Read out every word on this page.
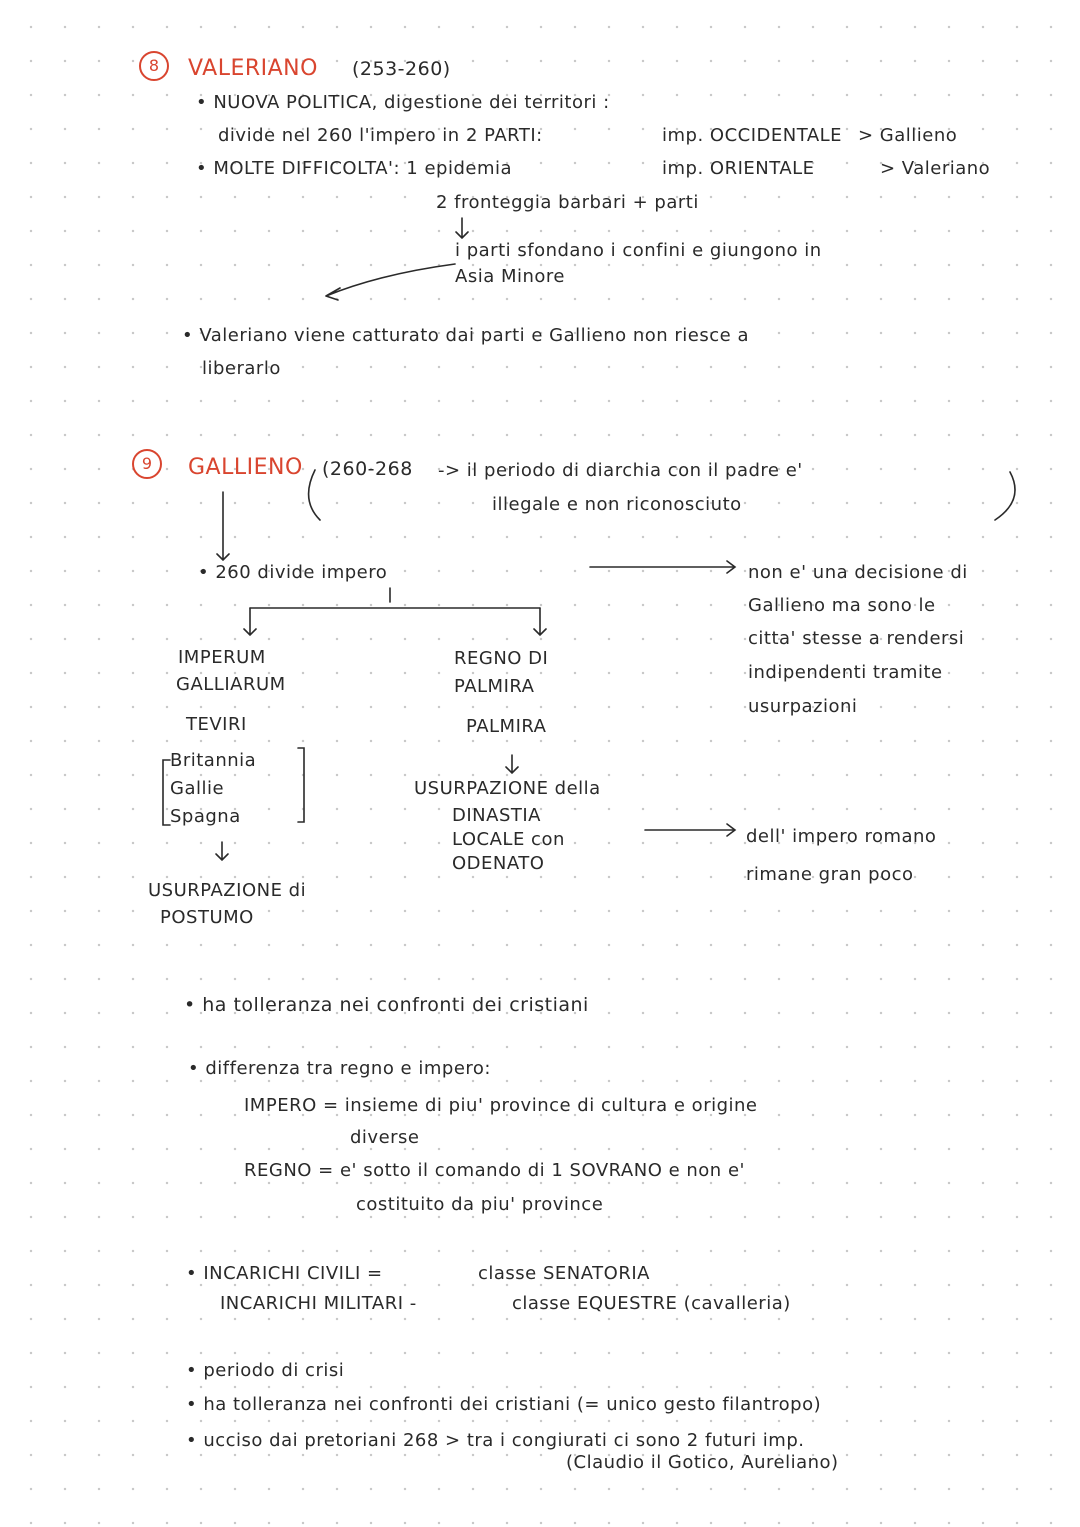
8	VALERIANO (253-260)
• NUOVA POLITICA, digestione dei territori :
divide nel 260 l'impero in 2 PARTI:	imp. OCCIDENTALE > Gallieno
• MOLTE DIFFICOLTA': 1 epidemia	imp. ORIENTALE	> Valeriano
2 fronteggia barbari + parti
i parti sfondano i confini e giungono in
Asia Minore
• Valeriano viene catturato dai parti e Gallieno non riesce a
liberarlo
9	GALLIENO (260-268 -> il periodo di diarchia con il padre e'
illegale e non riconosciuto
• 260 divide impero	non e' una decisione di
Gallieno ma sono le
citta' stesse a rendersi
indipendenti tramite
usurpazioni
IMPERUM
GALLIARUM
TEVIRI
Britannia
Gallie
Spagna
USURPAZIONE di
POSTUMO
REGNO DI
PALMIRA
PALMIRA
USURPAZIONE della
DINASTIA
LOCALE con
ODENATO
dell' impero romano
rimane gran poco
• ha tolleranza nei confronti dei cristiani
• differenza tra regno e impero:
IMPERO = insieme di piu' province di cultura e origine
diverse
REGNO = e' sotto il comando di 1 SOVRANO e non e'
costituito da piu' province
• INCARICHI CIVILI =	classe SENATORIA
INCARICHI MILITARI -	classe EQUESTRE (cavalleria)
• periodo di crisi
• ha tolleranza nei confronti dei cristiani (= unico gesto filantropo)
• ucciso dai pretoriani 268 > tra i congiurati ci sono 2 futuri imp.
(Claudio il Gotico, Aureliano)
